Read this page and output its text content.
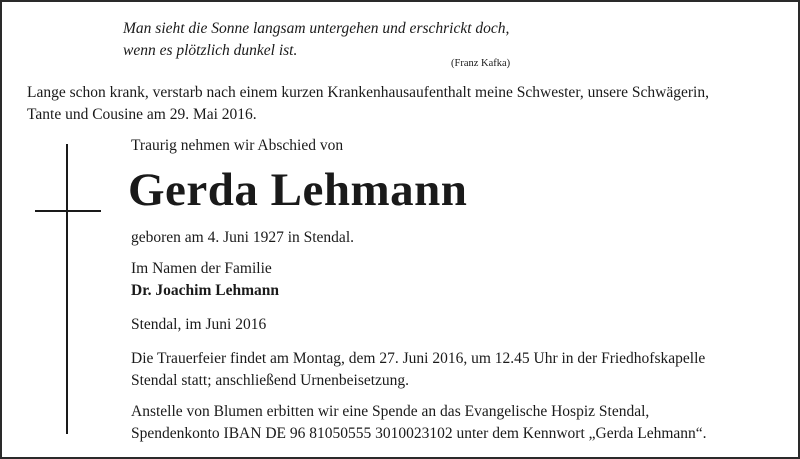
Man sieht die Sonne langsam untergehen und erschrickt doch,
wenn es plötzlich dunkel ist.
(Franz Kafka)
Lange schon krank, verstarb nach einem kurzen Krankenhausaufenthalt meine Schwester, unsere Schwägerin,
Tante und Cousine am 29. Mai 2016.
Traurig nehmen wir Abschied von
Gerda Lehmann
geboren am 4. Juni 1927 in Stendal.
Im Namen der Familie
Dr. Joachim Lehmann
Stendal, im Juni 2016
Die Trauerfeier findet am Montag, dem 27. Juni 2016, um 12.45 Uhr in der Friedhofskapelle
Stendal statt; anschließend Urnenbeisetzung.
Anstelle von Blumen erbitten wir eine Spende an das Evangelische Hospiz Stendal,
Spendenkonto IBAN DE 96 81050555 3010023102 unter dem Kennwort „Gerda Lehmann“.
